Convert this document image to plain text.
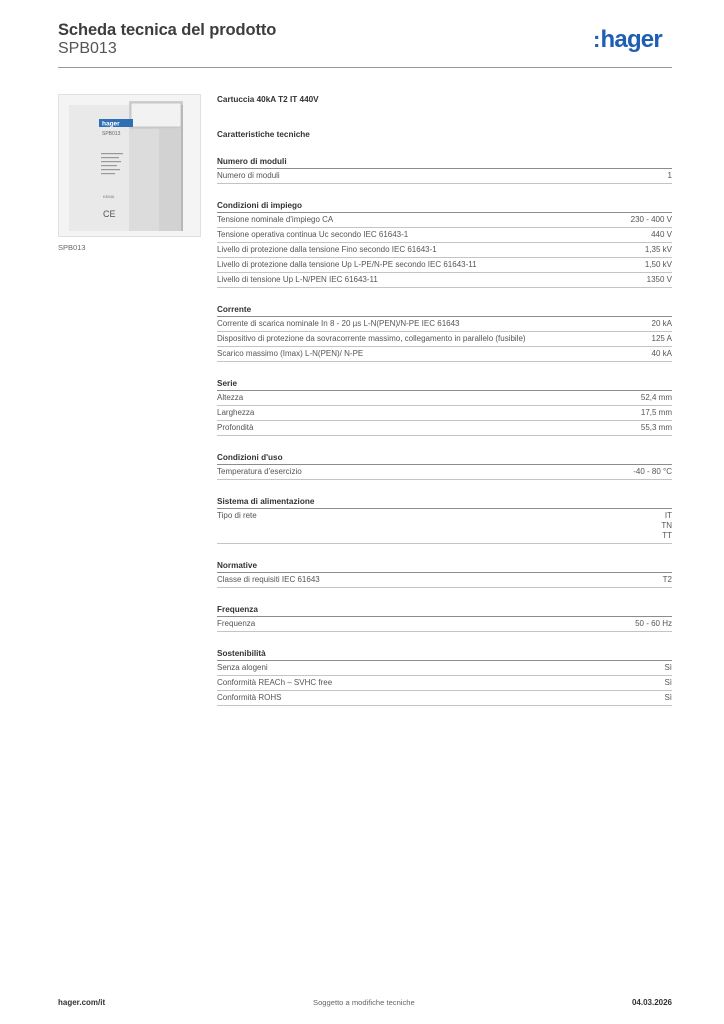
Scheda tecnica del prodotto
SPB013	:hager
hager
SPB013
KEMA
CE
SPB013
Cartuccia 40kA T2 IT 440V
Caratteristiche tecniche
Numero di moduli
Numero di moduli	1
Condizioni di impiego
Tensione nominale d'impiego CA	230 - 400 V
Tensione operativa continua Uc secondo IEC 61643-1	440 V
Livello di protezione dalla tensione Fino secondo IEC 61643-1	1,35 kV
Livello di protezione dalla tensione Up L-PE/N-PE secondo IEC 61643-11	1,50 kV
Livello di tensione Up L-N/PEN IEC 61643-11	1350 V
Corrente
Corrente di scarica nominale In 8 - 20 µs L-N(PEN)/N-PE IEC 61643	20 kA
Dispositivo di protezione da sovracorrente massimo, collegamento in parallelo (fusibile)	125 A
Scarico massimo (Imax) L-N(PEN)/ N-PE	40 kA
Serie
Altezza	52,4 mm
Larghezza	17,5 mm
Profondità	55,3 mm
Condizioni d'uso
Temperatura d'esercizio	-40 - 80 °C
Sistema di alimentazione
Tipo di rete	IT
TN
TT
Normative
Classe di requisiti IEC 61643	T2
Frequenza
Frequenza	50 - 60 Hz
Sostenibilità
Senza alogeni	Sì
Conformità REACh – SVHC free	Sì
Conformità ROHS	Sì
hager.com/it	Soggetto a modifiche tecniche	04.03.2026
